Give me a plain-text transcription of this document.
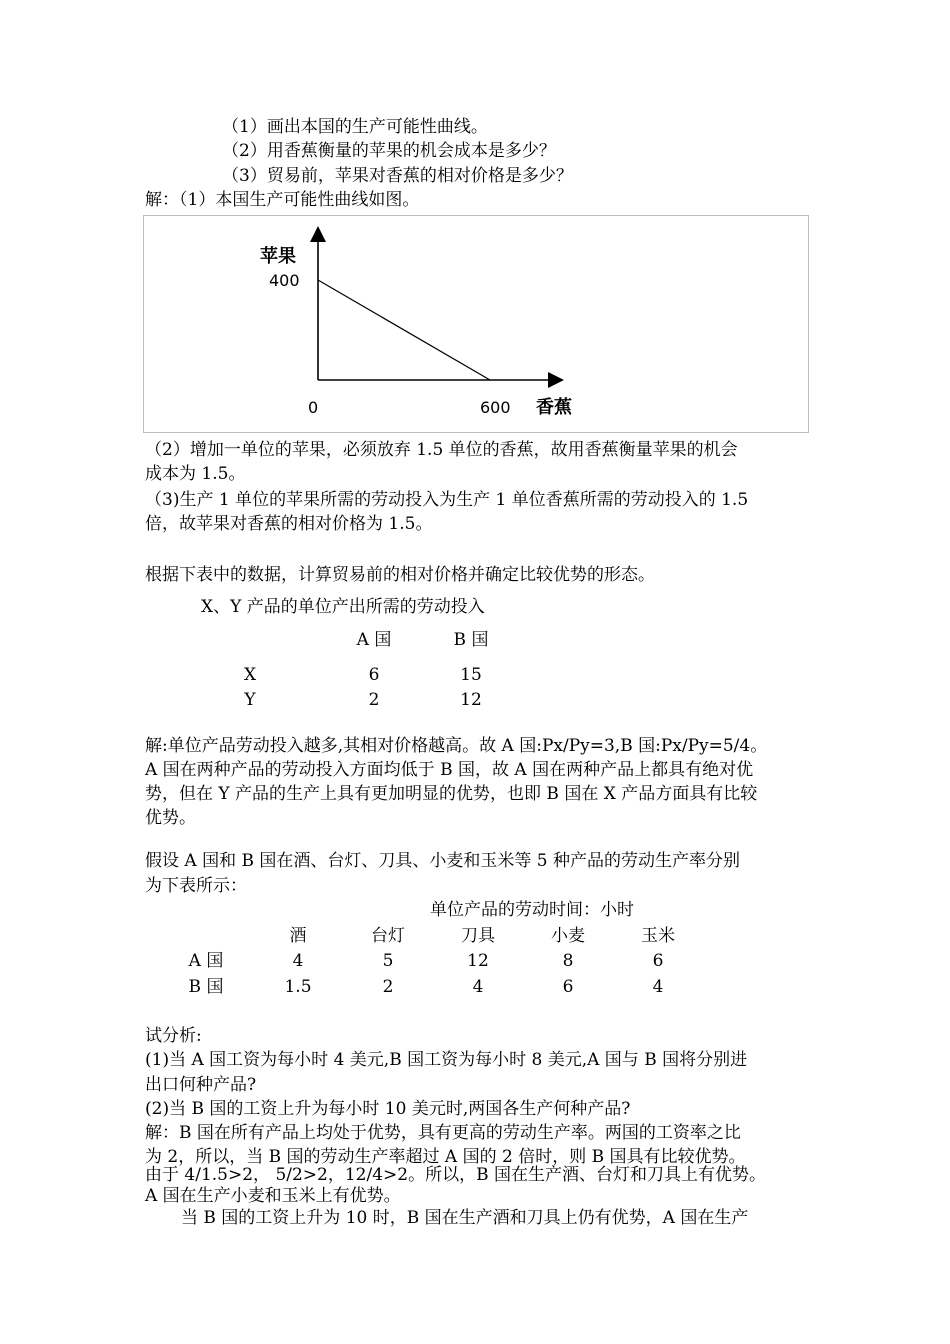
（1）画出本国的生产可能性曲线。
（2）用香蕉衡量的苹果的机会成本是多少？
（3）贸易前，苹果对香蕉的相对价格是多少？
解：（1）本国生产可能性曲线如图。
苹果
400
0	600 香蕉
（2）增加一单位的苹果，必须放弃 1.5 单位的香蕉，故用香蕉衡量苹果的机会
成本为 1.5。
（3)生产 1 单位的苹果所需的劳动投入为生产 1 单位香蕉所需的劳动投入的 1.5
倍，故苹果对香蕉的相对价格为 1.5。
根据下表中的数据，计算贸易前的相对价格并确定比较优势的形态。
X、Y 产品的单位产出所需的劳动投入
A 国	B 国
X	6	15
Y	2	12
解:单位产品劳动投入越多,其相对价格越高。故 A 国:Px/Py=3,B 国:Px/Py=5/4。
A 国在两种产品的劳动投入方面均低于 B 国，故 A 国在两种产品上都具有绝对优
势，但在 Y 产品的生产上具有更加明显的优势，也即 B 国在 X 产品方面具有比较
优势。
假设 A 国和 B 国在酒、台灯、刀具、小麦和玉米等 5 种产品的劳动生产率分别
为下表所示：
单位产品的劳动时间：小时
酒	台灯	刀具	小麦	玉米
A 国	4	5	12	8	6
B 国	1.5	2	4	6	4
试分析:
(1)当 A 国工资为每小时 4 美元,B 国工资为每小时 8 美元,A 国与 B 国将分别进
出口何种产品?
(2)当 B 国的工资上升为每小时 10 美元时,两国各生产何种产品?
解：B 国在所有产品上均处于优势，具有更高的劳动生产率。两国的工资率之比
为 2，所以，当 B 国的劳动生产率超过 A 国的 2 倍时，则 B 国具有比较优势。
由于 4/1.5>2， 5/2>2，12/4>2。所以，B 国在生产酒、台灯和刀具上有优势。
A 国在生产小麦和玉米上有优势。
当 B 国的工资上升为 10 时，B 国在生产酒和刀具上仍有优势，A 国在生产
